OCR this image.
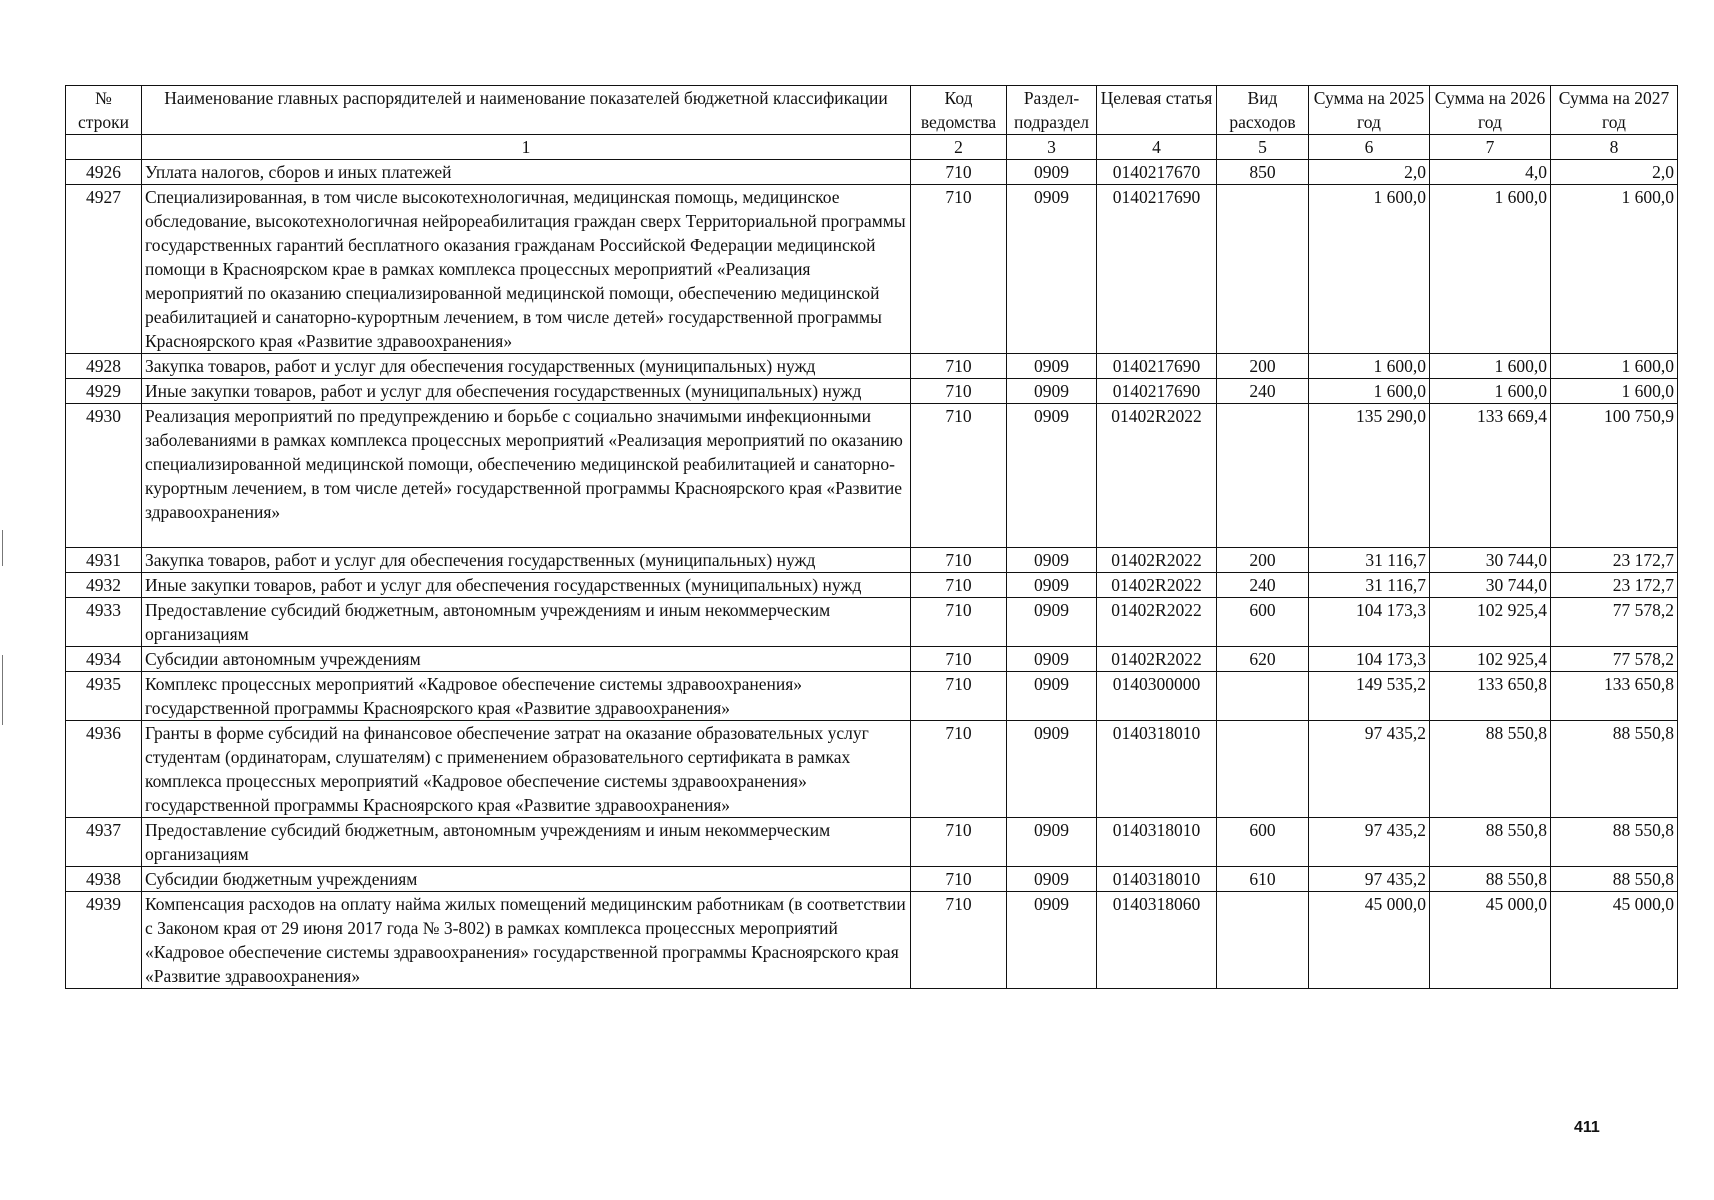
№ строки	Наименование главных распорядителей и наименование показателей бюджетной классификации	Код ведомства	Раздел-подраздел	Целевая статья	Вид расходов	Сумма на 2025 год	Сумма на 2026 год	Сумма на 2027 год
	1	2	3	4	5	6	7	8
4926	Уплата налогов, сборов и иных платежей	710	0909	0140217670	850	2,0	4,0	2,0
4927	Специализированная, в том числе высокотехнологичная, медицинская помощь, медицинское обследование, высокотехнологичная нейрореабилитация граждан сверх Территориальной программы государственных гарантий бесплатного оказания гражданам Российской Федерации медицинской помощи в Красноярском крае в рамках комплекса процессных мероприятий «Реализация мероприятий по оказанию специализированной медицинской помощи, обеспечению медицинской реабилитацией и санаторно-курортным лечением, в том числе детей» государственной программы Красноярского края «Развитие здравоохранения»	710	0909	0140217690		1 600,0	1 600,0	1 600,0
4928	Закупка товаров, работ и услуг для обеспечения государственных (муниципальных) нужд	710	0909	0140217690	200	1 600,0	1 600,0	1 600,0
4929	Иные закупки товаров, работ и услуг для обеспечения государственных (муниципальных) нужд	710	0909	0140217690	240	1 600,0	1 600,0	1 600,0
4930	Реализация мероприятий по предупреждению и борьбе с социально значимыми инфекционными заболеваниями в рамках комплекса процессных мероприятий «Реализация мероприятий по оказанию специализированной медицинской помощи, обеспечению медицинской реабилитацией и санаторно-курортным лечением, в том числе детей» государственной программы Красноярского края «Развитие здравоохранения»	710	0909	01402R2022		135 290,0	133 669,4	100 750,9
4931	Закупка товаров, работ и услуг для обеспечения государственных (муниципальных) нужд	710	0909	01402R2022	200	31 116,7	30 744,0	23 172,7
4932	Иные закупки товаров, работ и услуг для обеспечения государственных (муниципальных) нужд	710	0909	01402R2022	240	31 116,7	30 744,0	23 172,7
4933	Предоставление субсидий бюджетным, автономным учреждениям и иным некоммерческим организациям	710	0909	01402R2022	600	104 173,3	102 925,4	77 578,2
4934	Субсидии автономным учреждениям	710	0909	01402R2022	620	104 173,3	102 925,4	77 578,2
4935	Комплекс процессных мероприятий «Кадровое обеспечение системы здравоохранения» государственной программы Красноярского края «Развитие здравоохранения»	710	0909	0140300000		149 535,2	133 650,8	133 650,8
4936	Гранты в форме субсидий на финансовое обеспечение затрат на оказание образовательных услуг студентам (ординаторам, слушателям) с применением образовательного сертификата в рамках комплекса процессных мероприятий «Кадровое обеспечение системы здравоохранения» государственной программы Красноярского края «Развитие здравоохранения»	710	0909	0140318010		97 435,2	88 550,8	88 550,8
4937	Предоставление субсидий бюджетным, автономным учреждениям и иным некоммерческим организациям	710	0909	0140318010	600	97 435,2	88 550,8	88 550,8
4938	Субсидии бюджетным учреждениям	710	0909	0140318010	610	97 435,2	88 550,8	88 550,8
4939	Компенсация расходов на оплату найма жилых помещений медицинским работникам (в соответствии с Законом края от 29 июня 2017 года № 3-802) в рамках комплекса процессных мероприятий «Кадровое обеспечение системы здравоохранения» государственной программы Красноярского края «Развитие здравоохранения»	710	0909	0140318060		45 000,0	45 000,0	45 000,0
411
